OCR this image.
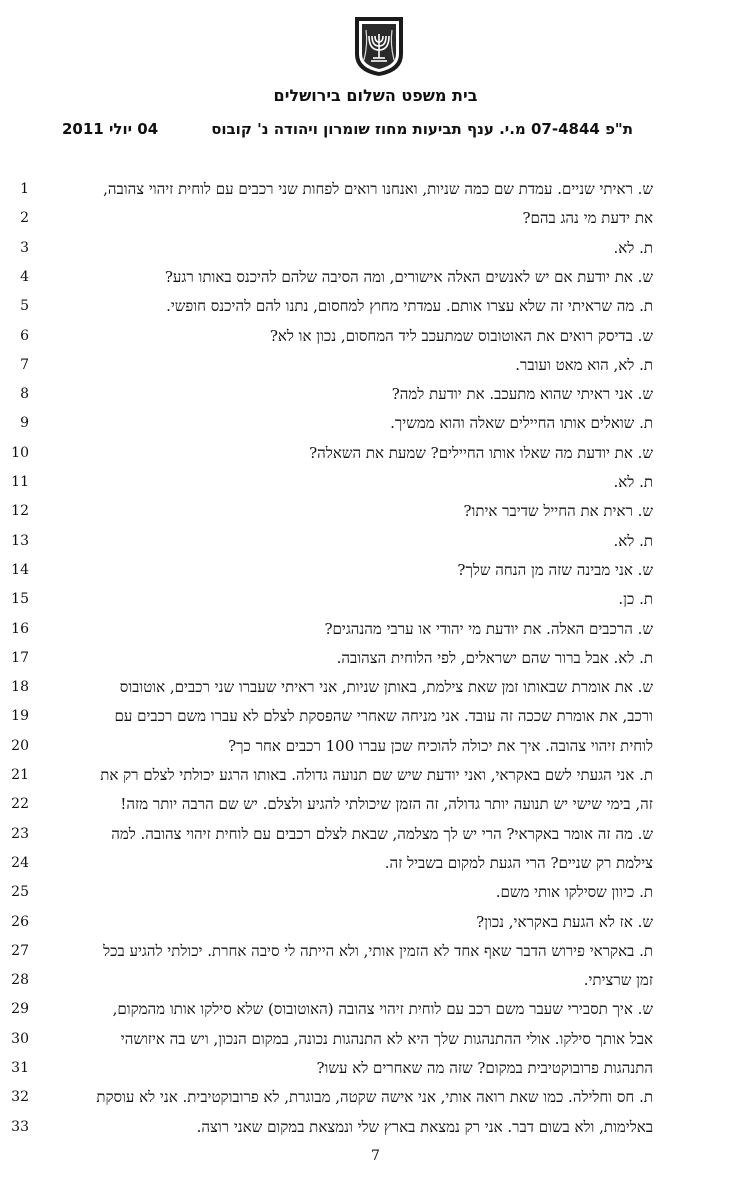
בית משפט השלום בירושלים
ת"פ 07-4844 מ.י. ענף תביעות מחוז שומרון ויהודה נ' קובוס
04 יולי 2011
ש. ראיתי שניים. עמדת שם כמה שניות, ואנחנו רואים לפחות שני רכבים עם לוחית זיהוי צהובה,
1
את ידעת מי נהג בהם?
2
ת. לא.
3
ש. את יודעת אם יש לאנשים האלה אישורים, ומה הסיבה שלהם להיכנס באותו רגע?
4
ת. מה שראיתי זה שלא עצרו אותם. עמדתי מחוץ למחסום, נתנו להם להיכנס חופשי.
5
ש. בדיסק רואים את האוטובוס שמתעכב ליד המחסום, נכון או לא?
6
ת. לא, הוא מאט ועובר.
7
ש. אני ראיתי שהוא מתעכב. את יודעת למה?
8
ת. שואלים אותו החיילים שאלה והוא ממשיך.
9
ש. את יודעת מה שאלו אותו החיילים? שמעת את השאלה?
10
ת. לא.
11
ש. ראית את החייל שדיבר איתו?
12
ת. לא.
13
ש. אני מבינה שזה מן הנחה שלך?
14
ת. כן.
15
ש. הרכבים האלה. את יודעת מי יהודי או ערבי מהנהגים?
16
ת. לא. אבל ברור שהם ישראלים, לפי הלוחית הצהובה.
17
ש. את אומרת שבאותו זמן שאת צילמת, באותן שניות, אני ראיתי שעברו שני רכבים, אוטובוס
18
ורכב, את אומרת שככה זה עובד. אני מניחה שאחרי שהפסקת לצלם לא עברו משם רכבים עם
19
לוחית זיהוי צהובה. איך את יכולה להוכיח שכן עברו 100 רכבים אחר כך?
20
ת. אני הגעתי לשם באקראי, ואני יודעת שיש שם תנועה גדולה. באותו הרגע יכולתי לצלם רק את
21
זה, בימי שישי יש תנועה יותר גדולה, זה הזמן שיכולתי להגיע ולצלם. יש שם הרבה יותר מזה!
22
ש. מה זה אומר באקראי? הרי יש לך מצלמה, שבאת לצלם רכבים עם לוחית זיהוי צהובה. למה
23
צילמת רק שניים? הרי הגעת למקום בשביל זה.
24
ת. כיוון שסילקו אותי משם.
25
ש. אז לא הגעת באקראי, נכון?
26
ת. באקראי פירוש הדבר שאף אחד לא הזמין אותי, ולא הייתה לי סיבה אחרת. יכולתי להגיע בכל
27
זמן שרציתי.
28
ש. איך תסבירי שעבר משם רכב עם לוחית זיהוי צהובה (האוטובוס) שלא סילקו אותו מהמקום,
29
אבל אותך סילקו. אולי ההתנהגות שלך היא לא התנהגות נכונה, במקום הנכון, ויש בה איזושהי
30
התנהגות פרובוקטיבית במקום? שזה מה שאחרים לא עשו?
31
ת. חס וחלילה. כמו שאת רואה אותי, אני אישה שקטה, מבוגרת, לא פרובוקטיבית. אני לא עוסקת
32
באלימות, ולא בשום דבר. אני רק נמצאת בארץ שלי ונמצאת במקום שאני רוצה.
33
7
